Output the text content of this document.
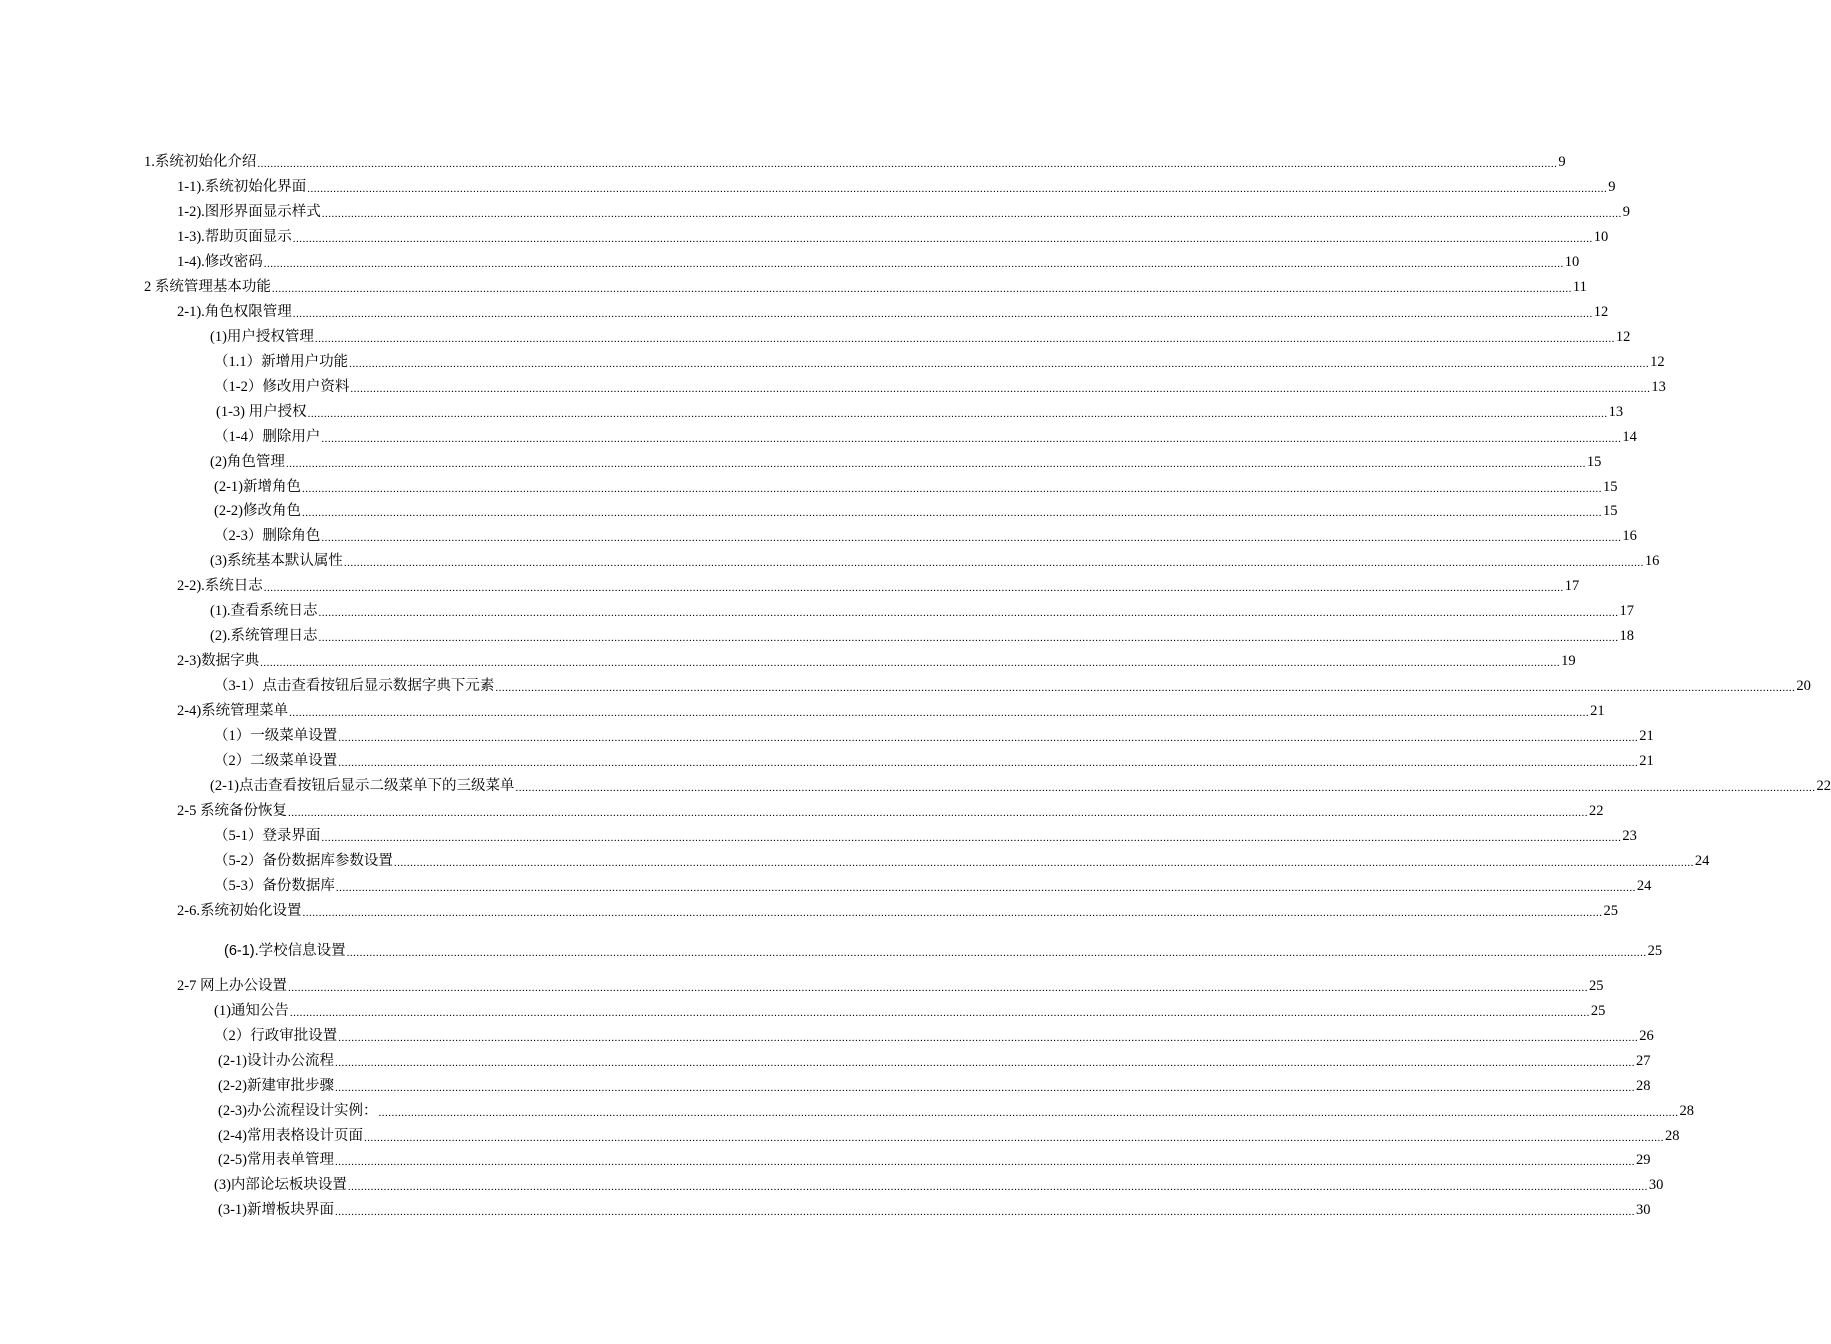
1.系统初始化介绍 ................................................................................................................................................................................................................................................................................................................................................................................................................ 9
1-1).系统初始化界面 ................................................................................................................................................................................................................................................................................................................................................................................................................ 9
1-2).图形界面显示样式 ................................................................................................................................................................................................................................................................................................................................................................................................................ 9
1-3).帮助页面显示 ................................................................................................................................................................................................................................................................................................................................................................................................................ 10
1-4).修改密码 ................................................................................................................................................................................................................................................................................................................................................................................................................ 10
2 系统管理基本功能 ................................................................................................................................................................................................................................................................................................................................................................................................................ 11
2-1).角色权限管理 ................................................................................................................................................................................................................................................................................................................................................................................................................ 12
(1)用户授权管理 ................................................................................................................................................................................................................................................................................................................................................................................................................ 12
（1.1）新增用户功能 ................................................................................................................................................................................................................................................................................................................................................................................................................ 12
（1-2）修改用户资料 ................................................................................................................................................................................................................................................................................................................................................................................................................ 13
(1-3) 用户授权 ................................................................................................................................................................................................................................................................................................................................................................................................................ 13
（1-4）删除用户 ................................................................................................................................................................................................................................................................................................................................................................................................................ 14
(2)角色管理 ................................................................................................................................................................................................................................................................................................................................................................................................................ 15
(2-1)新增角色 ................................................................................................................................................................................................................................................................................................................................................................................................................ 15
(2-2)修改角色 ................................................................................................................................................................................................................................................................................................................................................................................................................ 15
（2-3）删除角色 ................................................................................................................................................................................................................................................................................................................................................................................................................ 16
(3)系统基本默认属性 ................................................................................................................................................................................................................................................................................................................................................................................................................ 16
2-2).系统日志 ................................................................................................................................................................................................................................................................................................................................................................................................................ 17
(1).查看系统日志 ................................................................................................................................................................................................................................................................................................................................................................................................................ 17
(2).系统管理日志 ................................................................................................................................................................................................................................................................................................................................................................................................................ 18
2-3)数据字典 ................................................................................................................................................................................................................................................................................................................................................................................................................ 19
（3-1）点击查看按钮后显示数据字典下元素 ................................................................................................................................................................................................................................................................................................................................................................................................................ 20
2-4)系统管理菜单 ................................................................................................................................................................................................................................................................................................................................................................................................................ 21
（1）一级菜单设置 ................................................................................................................................................................................................................................................................................................................................................................................................................ 21
（2）二级菜单设置 ................................................................................................................................................................................................................................................................................................................................................................................................................ 21
(2-1)点击查看按钮后显示二级菜单下的三级菜单 ................................................................................................................................................................................................................................................................................................................................................................................................................ 22
2-5 系统备份恢复 ................................................................................................................................................................................................................................................................................................................................................................................................................ 22
（5-1）登录界面 ................................................................................................................................................................................................................................................................................................................................................................................................................ 23
（5-2）备份数据库参数设置 ................................................................................................................................................................................................................................................................................................................................................................................................................ 24
（5-3）备份数据库 ................................................................................................................................................................................................................................................................................................................................................................................................................ 24
2-6.系统初始化设置 ................................................................................................................................................................................................................................................................................................................................................................................................................ 25
(6-1).学校信息设置 ................................................................................................................................................................................................................................................................................................................................................................................................................ 25
2-7 网上办公设置 ................................................................................................................................................................................................................................................................................................................................................................................................................ 25
(1)通知公告 ................................................................................................................................................................................................................................................................................................................................................................................................................ 25
（2）行政审批设置 ................................................................................................................................................................................................................................................................................................................................................................................................................ 26
(2-1)设计办公流程 ................................................................................................................................................................................................................................................................................................................................................................................................................ 27
(2-2)新建审批步骤 ................................................................................................................................................................................................................................................................................................................................................................................................................ 28
(2-3)办公流程设计实例： ................................................................................................................................................................................................................................................................................................................................................................................................................ 28
(2-4)常用表格设计页面 ................................................................................................................................................................................................................................................................................................................................................................................................................ 28
(2-5)常用表单管理 ................................................................................................................................................................................................................................................................................................................................................................................................................ 29
(3)内部论坛板块设置 ................................................................................................................................................................................................................................................................................................................................................................................................................ 30
(3-1)新增板块界面 ................................................................................................................................................................................................................................................................................................................................................................................................................ 30
